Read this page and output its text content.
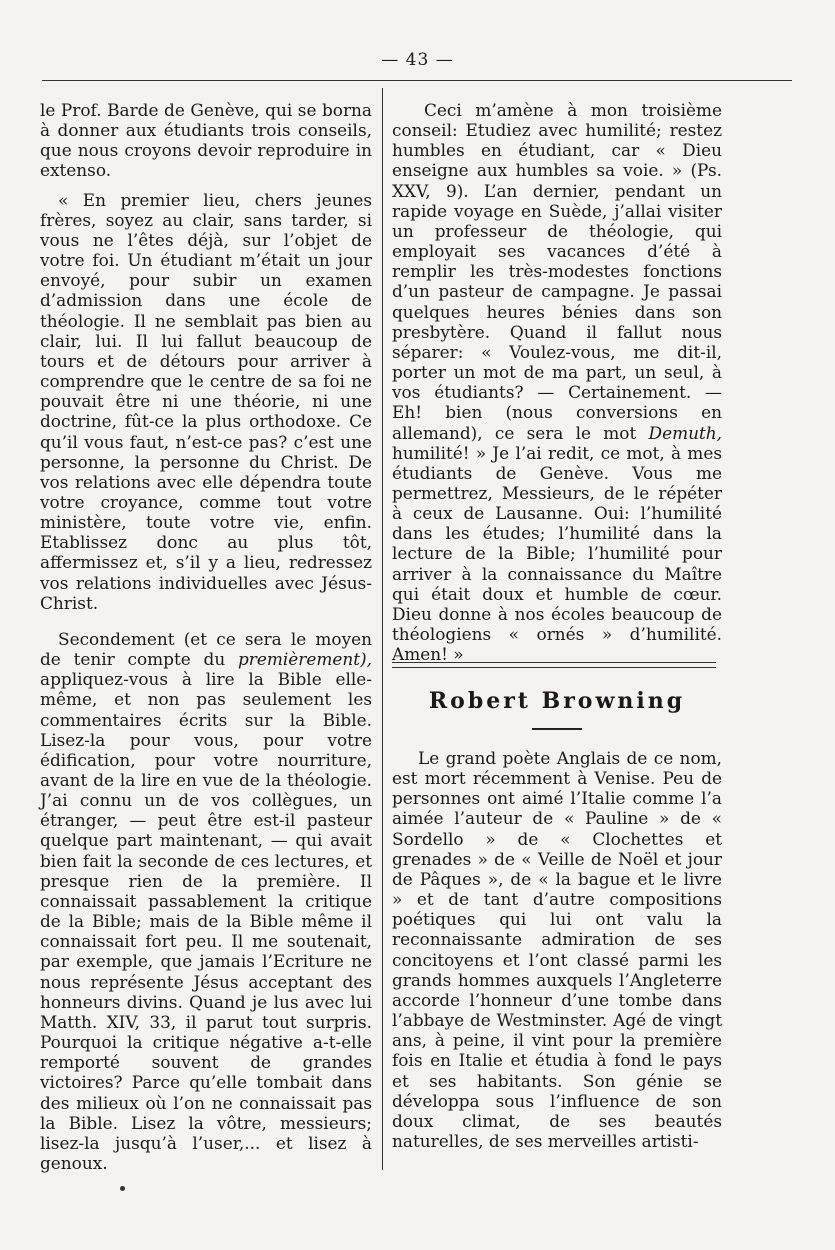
— 43 —

le Prof. Barde de Genève, qui se borna à donner aux étudiants trois conseils, que nous croyons devoir reproduire in extenso.

« En premier lieu, chers jeunes frères, soyez au clair, sans tarder, si vous ne l’êtes déjà, sur l’objet de votre foi. Un étudiant m’était un jour envoyé, pour subir un examen d’admission dans une école de théologie. Il ne semblait pas bien au clair, lui. Il lui fallut beaucoup de tours et de détours pour arriver à comprendre que le centre de sa foi ne pouvait être ni une théorie, ni une doctrine, fût-ce la plus orthodoxe. Ce qu’il vous faut, n’est-ce pas? c’est une personne, la personne du Christ. De vos relations avec elle dépendra toute votre croyance, comme tout votre ministère, toute votre vie, enfin. Etablissez donc au plus tôt, affermissez et, s’il y a lieu, redressez vos relations individuelles avec Jésus-Christ.

Secondement (et ce sera le moyen de tenir compte du premièrement), appliquez-vous à lire la Bible elle-même, et non pas seulement les commentaires écrits sur la Bible. Lisez-la pour vous, pour votre édification, pour votre nourriture, avant de la lire en vue de la théologie. J’ai connu un de vos collègues, un étranger, — peut être est-il pasteur quelque part maintenant, — qui avait bien fait la seconde de ces lectures, et presque rien de la première. Il connaissait passablement la critique de la Bible; mais de la Bible même il connaissait fort peu. Il me soutenait, par exemple, que jamais l’Ecriture ne nous représente Jésus acceptant des honneurs divins. Quand je lus avec lui Matth. XIV, 33, il parut tout surpris. Pourquoi la critique négative a-t-elle remporté souvent de grandes victoires? Parce qu’elle tombait dans des milieux où l’on ne connaissait pas la Bible. Lisez la vôtre, messieurs; lisez-la jusqu’à l’user,... et lisez à genoux.

Ceci m’amène à mon troisième conseil: Etudiez avec humilité; restez humbles en étudiant, car « Dieu enseigne aux humbles sa voie. » (Ps. XXV, 9). L’an dernier, pendant un rapide voyage en Suède, j’allai visiter un professeur de théologie, qui employait ses vacances d’été à remplir les très-modestes fonctions d’un pasteur de campagne. Je passai quelques heures bénies dans son presbytère. Quand il fallut nous séparer: « Voulez-vous, me dit-il, porter un mot de ma part, un seul, à vos étudiants? — Certainement. — Eh! bien (nous conversions en allemand), ce sera le mot Demuth, humilité! » Je l’ai redit, ce mot, à mes étudiants de Genève. Vous me permettrez, Messieurs, de le répéter à ceux de Lausanne. Oui: l’humilité dans les études; l’humilité dans la lecture de la Bible; l’humilité pour arriver à la connaissance du Maître qui était doux et humble de cœur. Dieu donne à nos écoles beaucoup de théologiens « ornés » d’humilité. Amen! »

Robert Browning

Le grand poète Anglais de ce nom, est mort récemment à Venise. Peu de personnes ont aimé l’Italie comme l’a aimée l’auteur de « Pauline » de « Sordello » de « Clochettes et grenades » de « Veille de Noël et jour de Pâques », de « la bague et le livre » et de tant d’autre compositions poétiques qui lui ont valu la reconnaissante admiration de ses concitoyens et l’ont classé parmi les grands hommes auxquels l’Angleterre accorde l’honneur d’une tombe dans l’abbaye de Westminster. Agé de vingt ans, à peine, il vint pour la première fois en Italie et étudia à fond le pays et ses habitants. Son génie se développa sous l’influence de son doux climat, de ses beautés naturelles, de ses merveilles artisti-
